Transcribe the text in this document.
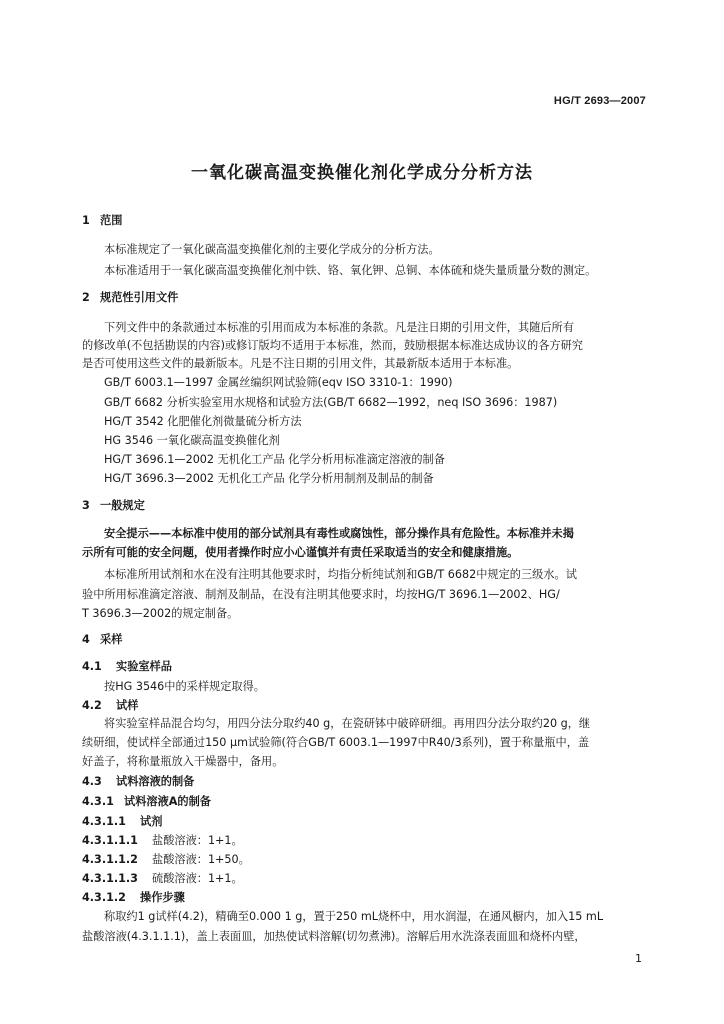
HG/T 2693—2007
一氧化碳高温变换催化剂化学成分分析方法
1 范围
本标准规定了一氧化碳高温变换催化剂的主要化学成分的分析方法。
本标准适用于一氧化碳高温变换催化剂中铁、铬、氧化钾、总铜、本体硫和烧失量质量分数的测定。
2 规范性引用文件
下列文件中的条款通过本标准的引用而成为本标准的条款。凡是注日期的引用文件，其随后所有
的修改单(不包括勘误的内容)或修订版均不适用于本标准，然而，鼓励根据本标准达成协议的各方研究
是否可使用这些文件的最新版本。凡是不注日期的引用文件，其最新版本适用于本标准。
GB/T 6003.1—1997 金属丝编织网试验筛(eqv ISO 3310-1：1990)
GB/T 6682 分析实验室用水规格和试验方法(GB/T 6682—1992，neq ISO 3696：1987)
HG/T 3542 化肥催化剂微量硫分析方法
HG 3546 一氧化碳高温变换催化剂
HG/T 3696.1—2002 无机化工产品 化学分析用标准滴定溶液的制备
HG/T 3696.3—2002 无机化工产品 化学分析用制剂及制品的制备
3 一般规定
安全提示——本标准中使用的部分试剂具有毒性或腐蚀性，部分操作具有危险性。本标准并未揭
示所有可能的安全问题，使用者操作时应小心谨慎并有责任采取适当的安全和健康措施。
本标准所用试剂和水在没有注明其他要求时，均指分析纯试剂和GB/T 6682中规定的三级水。试
验中所用标准滴定溶液、制剂及制品，在没有注明其他要求时，均按HG/T 3696.1—2002、HG/
T 3696.3—2002的规定制备。
4 采样
4.1 实验室样品
按HG 3546中的采样规定取得。
4.2 试样
将实验室样品混合均匀，用四分法分取约40 g，在瓷研钵中破碎研细。再用四分法分取约20 g，继
续研细，使试样全部通过150 μm试验筛(符合GB/T 6003.1—1997中R40/3系列)，置于称量瓶中，盖
好盖子，将称量瓶放入干燥器中，备用。
4.3 试料溶液的制备
4.3.1 试料溶液A的制备
4.3.1.1 试剂
4.3.1.1.1 盐酸溶液：1+1。
4.3.1.1.2 盐酸溶液：1+50。
4.3.1.1.3 硫酸溶液：1+1。
4.3.1.2 操作步骤
称取约1 g试样(4.2)，精确至0.000 1 g，置于250 mL烧杯中，用水润湿，在通风橱内，加入15 mL
盐酸溶液(4.3.1.1.1)，盖上表面皿，加热使试料溶解(切勿煮沸)。溶解后用水洗涤表面皿和烧杯内壁，
1
